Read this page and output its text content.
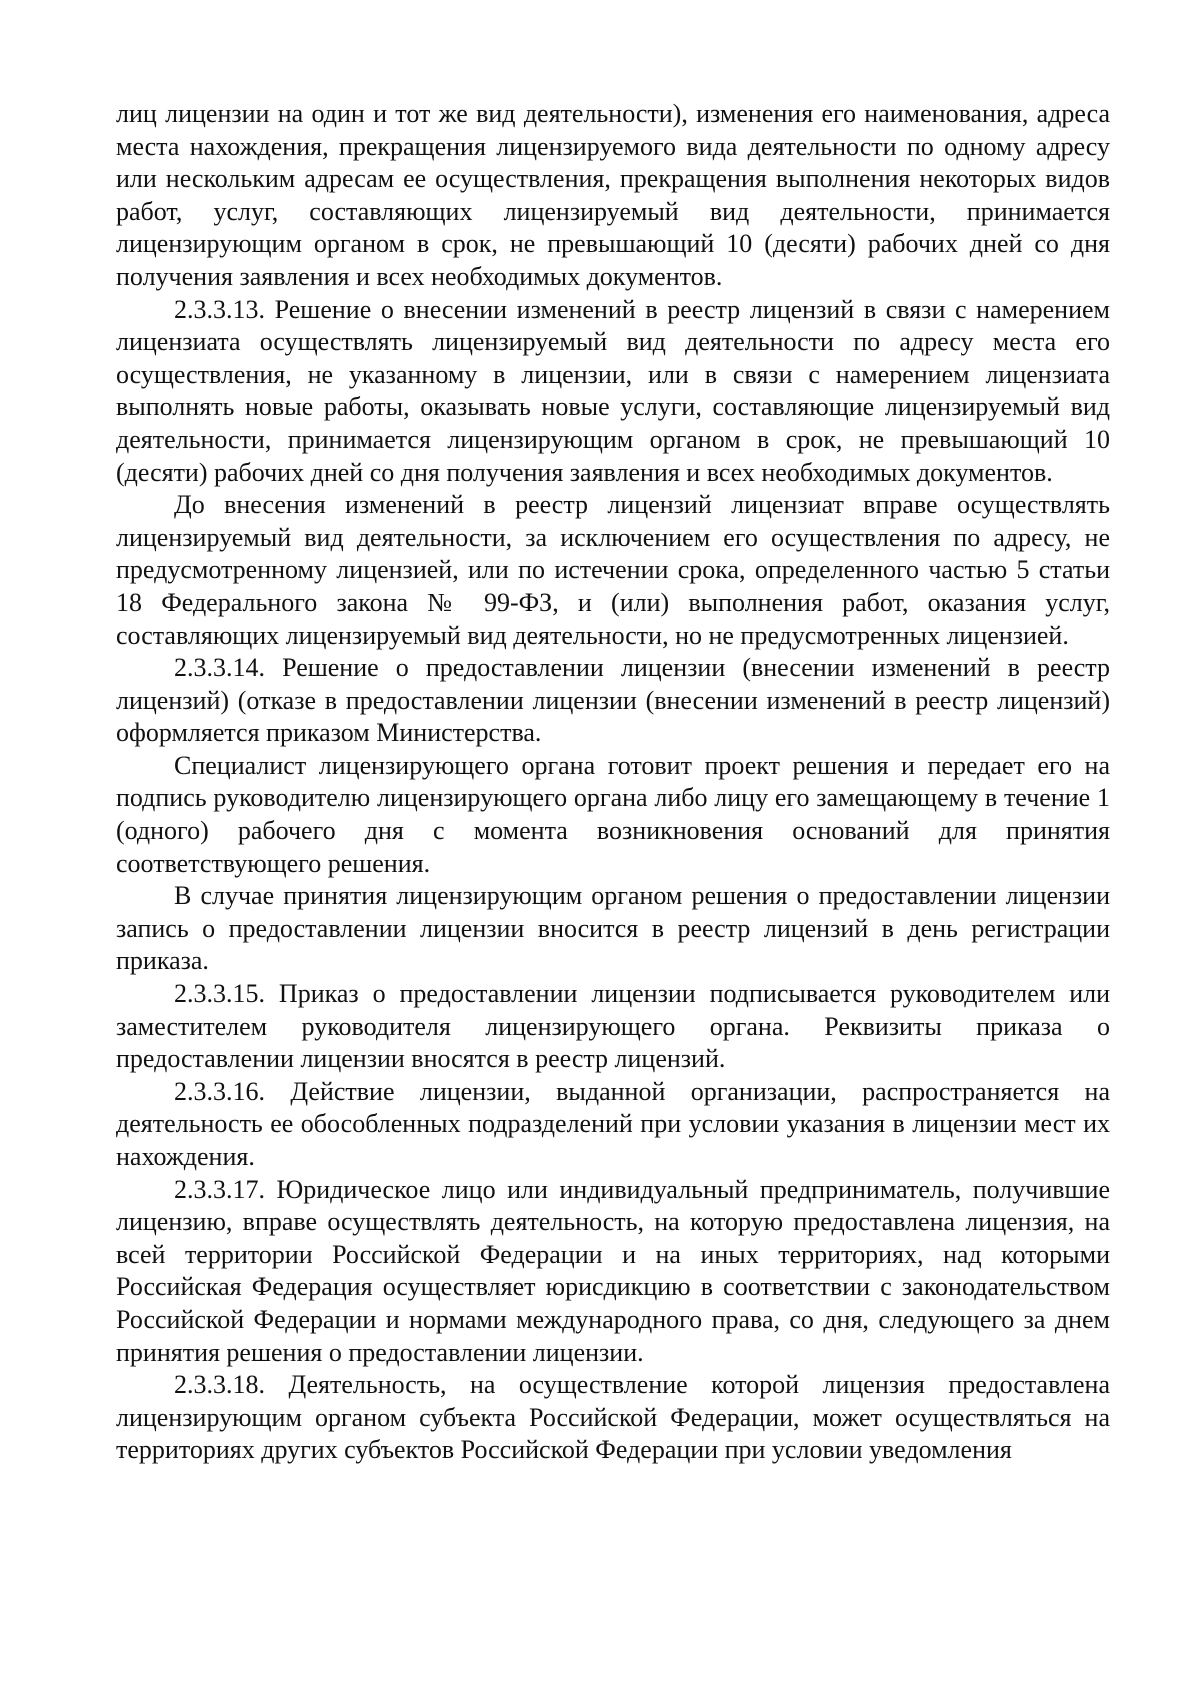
лиц лицензии на один и тот же вид деятельности), изменения его наименования, адреса места нахождения, прекращения лицензируемого вида деятельности по одному адресу или нескольким адресам ее осуществления, прекращения выполнения некоторых видов работ, услуг, составляющих лицензируемый вид деятельности, принимается лицензирующим органом в срок, не превышающий 10 (десяти) рабочих дней со дня получения заявления и всех необходимых документов.

2.3.3.13. Решение о внесении изменений в реестр лицензий в связи с намерением лицензиата осуществлять лицензируемый вид деятельности по адресу места его осуществления, не указанному в лицензии, или в связи с намерением лицензиата выполнять новые работы, оказывать новые услуги, составляющие лицензируемый вид деятельности, принимается лицензирующим органом в срок, не превышающий 10 (десяти) рабочих дней со дня получения заявления и всех необходимых документов.

До внесения изменений в реестр лицензий лицензиат вправе осуществлять лицензируемый вид деятельности, за исключением его осуществления по адресу, не предусмотренному лицензией, или по истечении срока, определенного частью 5 статьи 18 Федерального закона № 99-ФЗ, и (или) выполнения работ, оказания услуг, составляющих лицензируемый вид деятельности, но не предусмотренных лицензией.

2.3.3.14. Решение о предоставлении лицензии (внесении изменений в реестр лицензий) (отказе в предоставлении лицензии (внесении изменений в реестр лицензий) оформляется приказом Министерства.

Специалист лицензирующего органа готовит проект решения и передает его на подпись руководителю лицензирующего органа либо лицу его замещающему в течение 1 (одного) рабочего дня с момента возникновения оснований для принятия соответствующего решения.

В случае принятия лицензирующим органом решения о предоставлении лицензии запись о предоставлении лицензии вносится в реестр лицензий в день регистрации приказа.

2.3.3.15. Приказ о предоставлении лицензии подписывается руководителем или заместителем руководителя лицензирующего органа. Реквизиты приказа о предоставлении лицензии вносятся в реестр лицензий.

2.3.3.16. Действие лицензии, выданной организации, распространяется на деятельность ее обособленных подразделений при условии указания в лицензии мест их нахождения.

2.3.3.17. Юридическое лицо или индивидуальный предприниматель, получившие лицензию, вправе осуществлять деятельность, на которую предоставлена лицензия, на всей территории Российской Федерации и на иных территориях, над которыми Российская Федерация осуществляет юрисдикцию в соответствии с законодательством Российской Федерации и нормами международного права, со дня, следующего за днем принятия решения о предоставлении лицензии.

2.3.3.18. Деятельность, на осуществление которой лицензия предоставлена лицензирующим органом субъекта Российской Федерации, может осуществляться на территориях других субъектов Российской Федерации при условии уведомления
